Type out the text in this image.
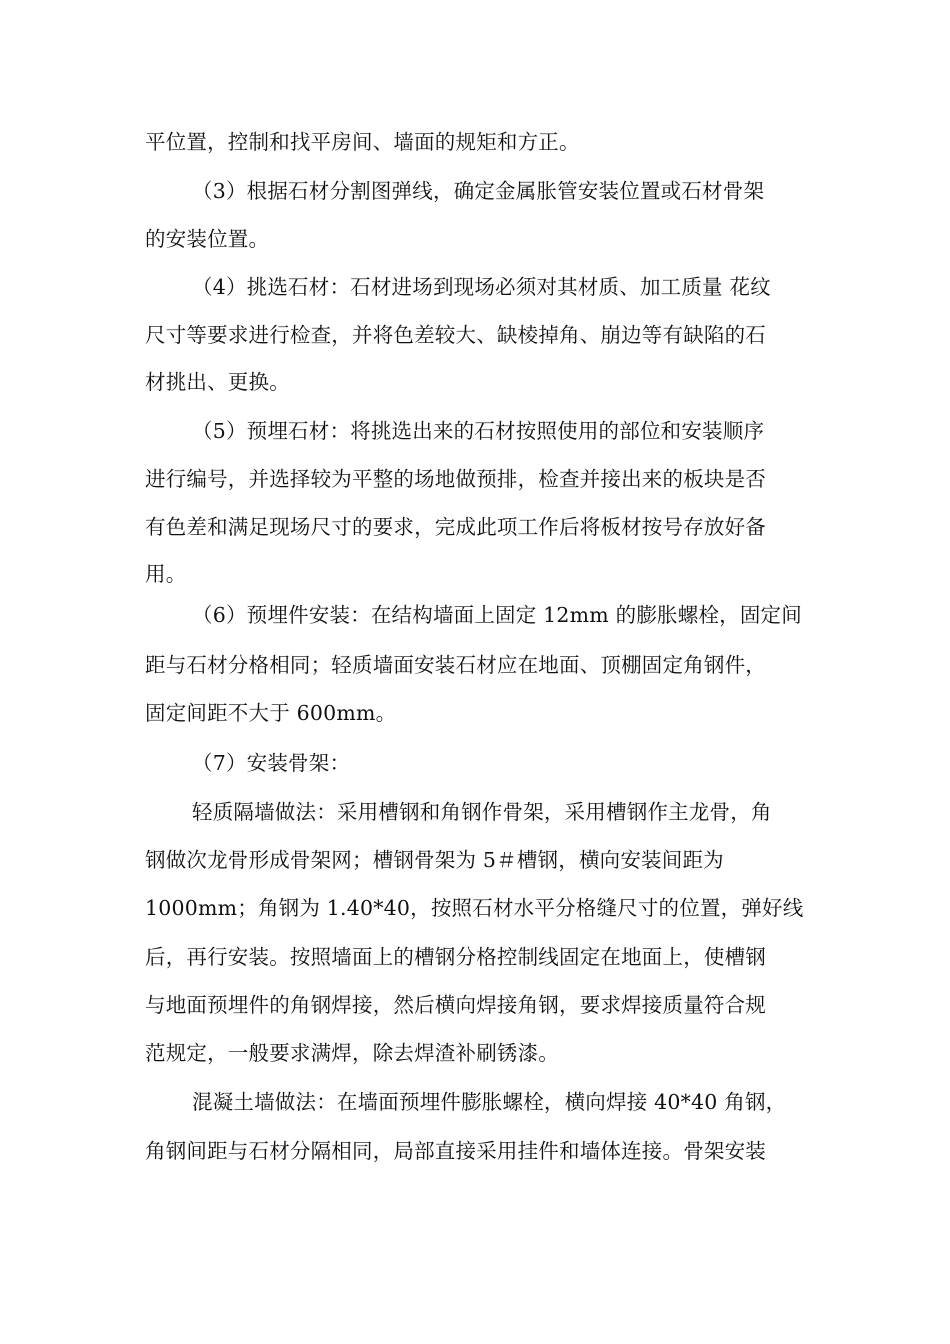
平位置，控制和找平房间、墙面的规矩和方正。
（3）根据石材分割图弹线，确定金属胀管安装位置或石材骨架
的安装位置。
（4）挑选石材：石材进场到现场必须对其材质、加工质量 花纹
尺寸等要求进行检查，并将色差较大、缺棱掉角、崩边等有缺陷的石
材挑出、更换。
（5）预埋石材：将挑选出来的石材按照使用的部位和安装顺序
进行编号，并选择较为平整的场地做预排，检查并接出来的板块是否
有色差和满足现场尺寸的要求，完成此项工作后将板材按号存放好备
用。
（6）预埋件安装：在结构墙面上固定 12mm 的膨胀螺栓，固定间
距与石材分格相同；轻质墙面安装石材应在地面、顶棚固定角钢件，
固定间距不大于 600mm。
（7）安装骨架：
轻质隔墙做法：采用槽钢和角钢作骨架，采用槽钢作主龙骨，角
钢做次龙骨形成骨架网；槽钢骨架为 5＃槽钢，横向安装间距为
1000mm；角钢为 1.40*40，按照石材水平分格缝尺寸的位置，弹好线
后，再行安装。按照墙面上的槽钢分格控制线固定在地面上，使槽钢
与地面预埋件的角钢焊接，然后横向焊接角钢，要求焊接质量符合规
范规定，一般要求满焊，除去焊渣补刷锈漆。
混凝土墙做法：在墙面预埋件膨胀螺栓，横向焊接 40*40 角钢，
角钢间距与石材分隔相同，局部直接采用挂件和墙体连接。骨架安装
